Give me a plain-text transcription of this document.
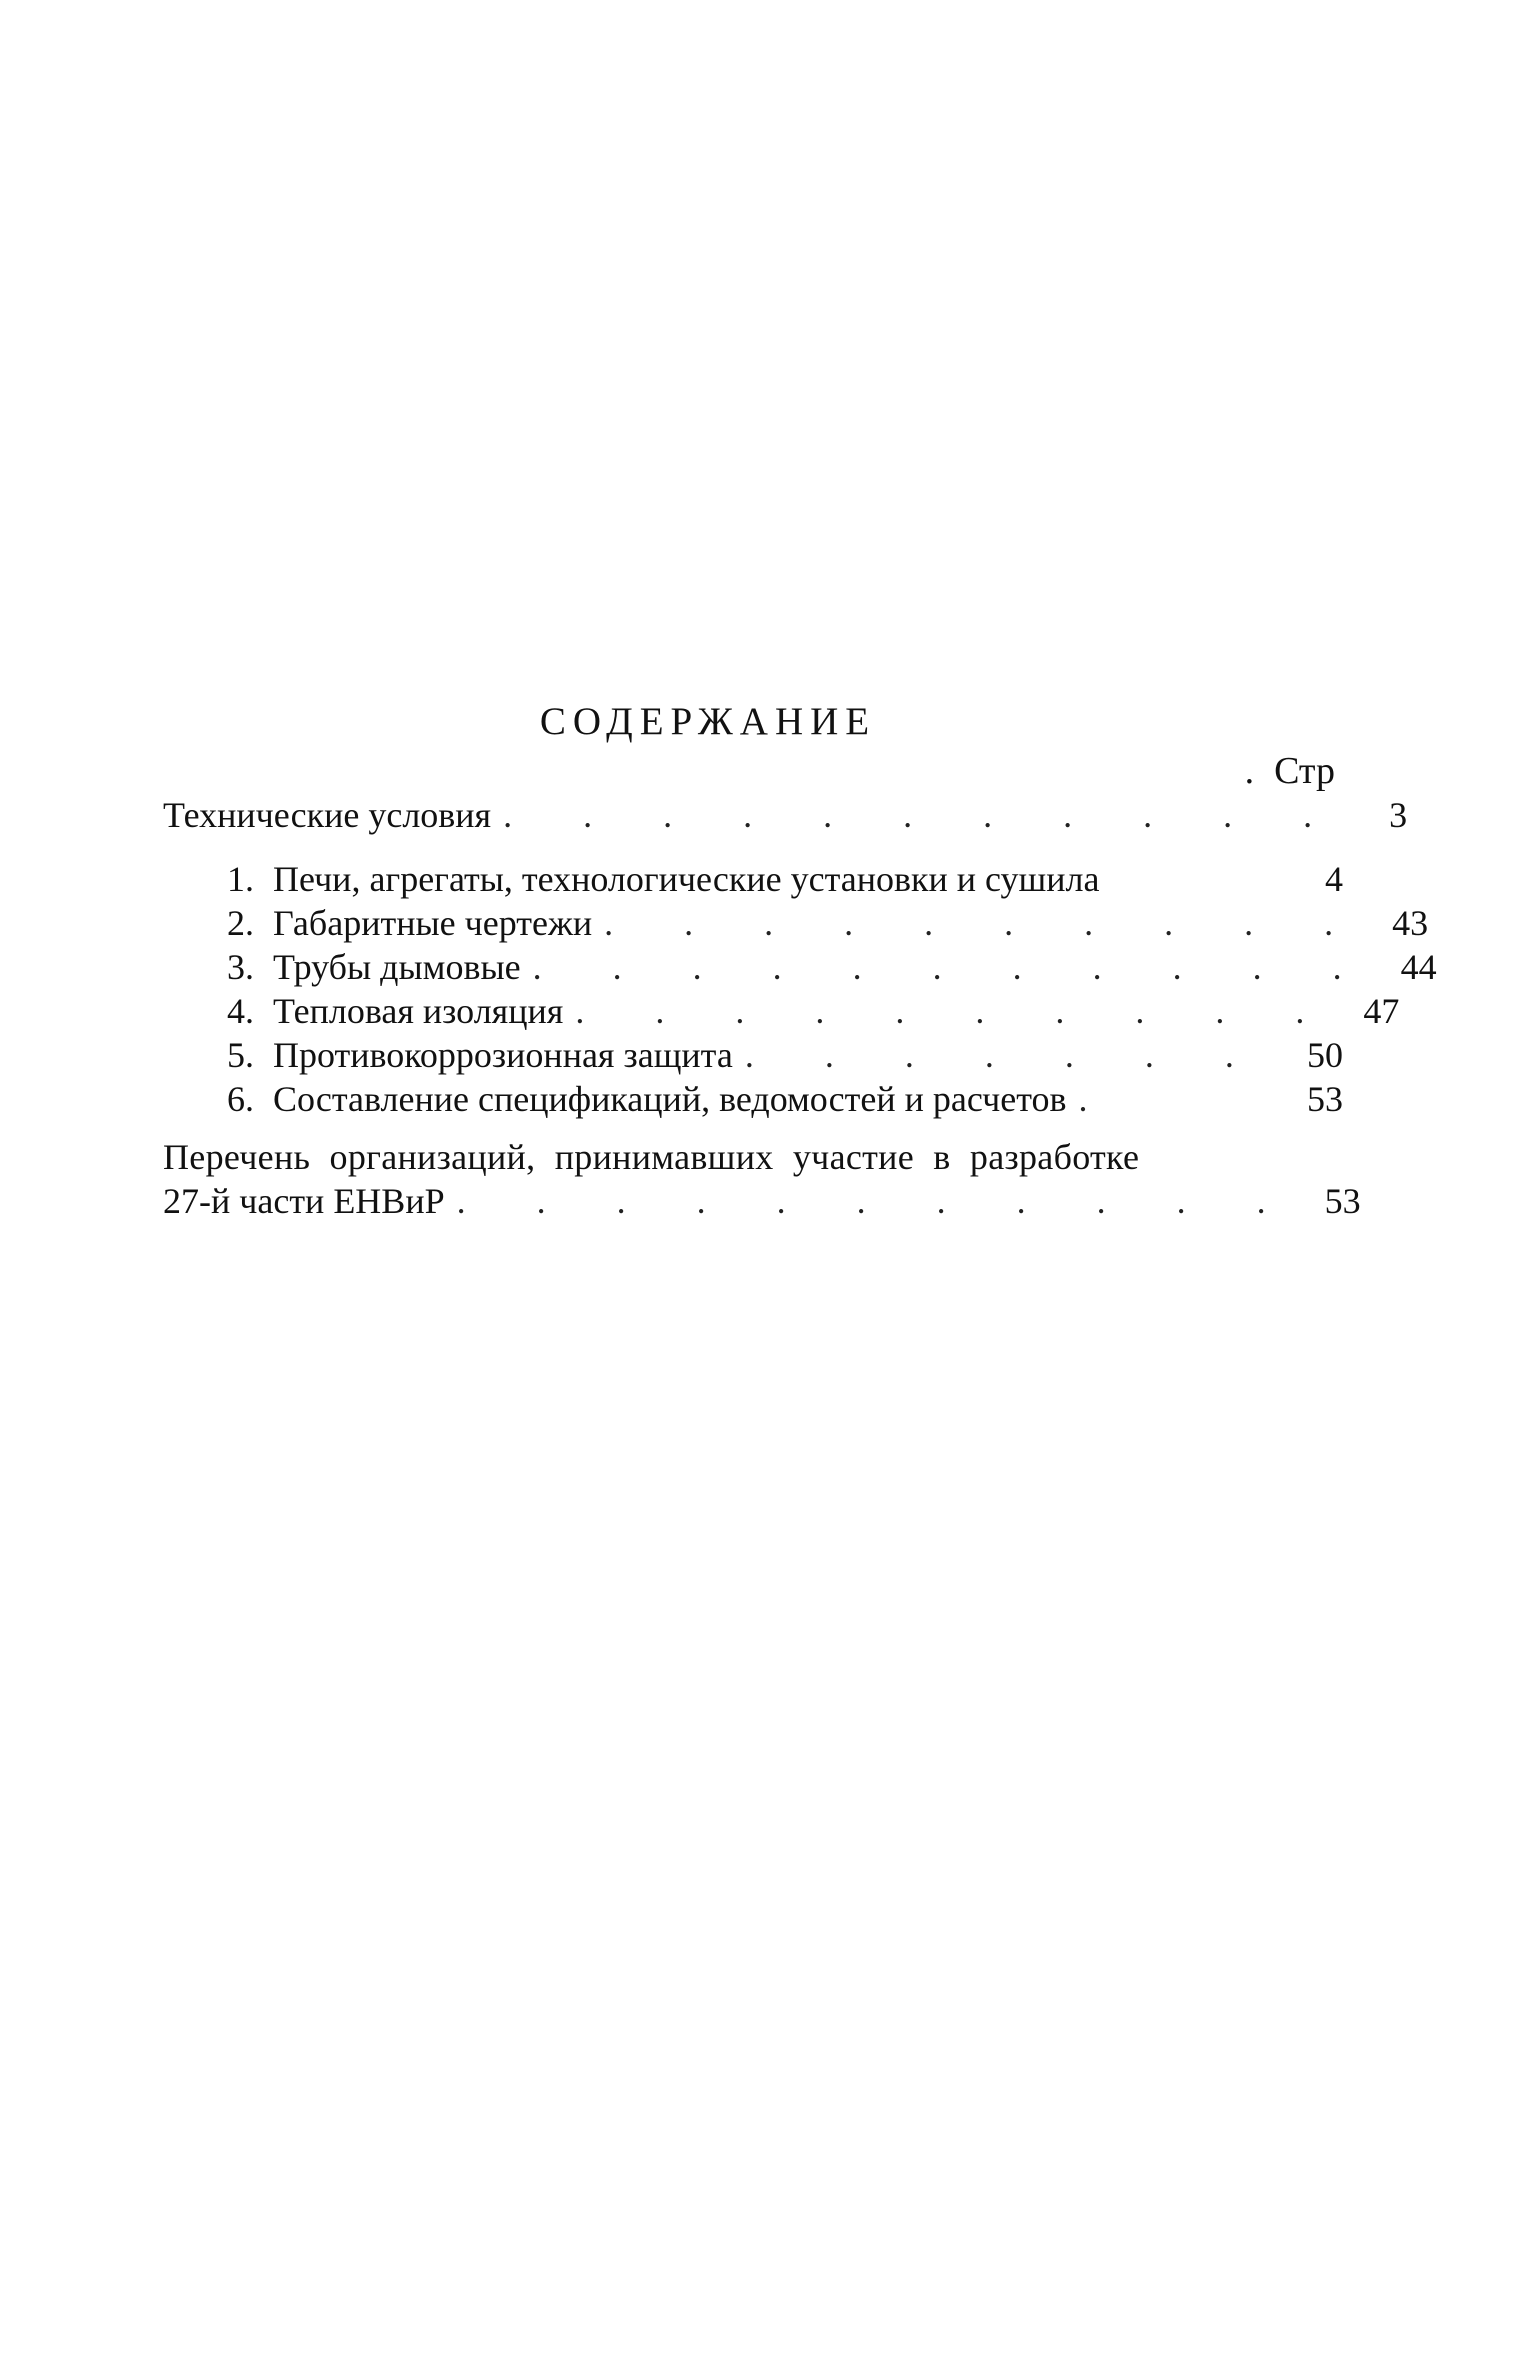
СОДЕРЖАНИЕ
. Стр
Технические условия . . . . . . . . . . .	3
1. Печи, агрегаты, технологические установки и сушила	4
2. Габаритные чертежи . . . . . . . . . . 43
3. Трубы дымовые . . . . . . . . . . . 44
4. Тепловая изоляция . . . . . . . . . . 47
5. Противокоррозионная защита . . . . . . .	50
6. Составление спецификаций, ведомостей и расчетов .	53
Перечень организаций, принимавших участие в разработке
27-й части ЕНВиР . . . . . . . . . . . 53
